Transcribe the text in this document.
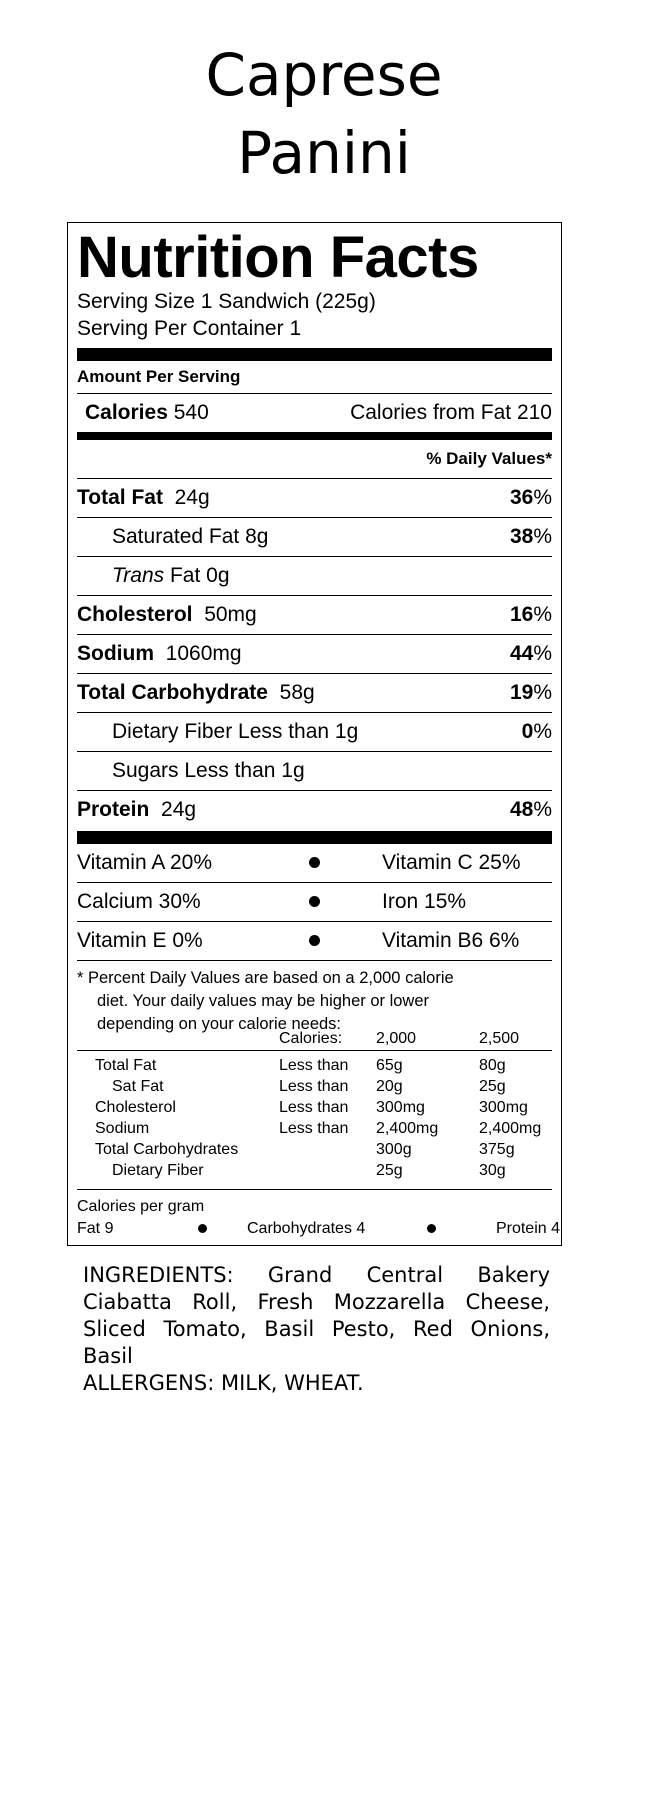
Caprese
Panini
Nutrition Facts
Serving Size 1 Sandwich (225g)
Serving Per Container 1
Amount Per Serving
Calories 540	Calories from Fat 210
% Daily Values*
Total Fat 24g	36%
Saturated Fat 8g	38%
Trans Fat 0g
Cholesterol 50mg	16%
Sodium 1060mg	44%
Total Carbohydrate 58g	19%
Dietary Fiber Less than 1g	0%
Sugars Less than 1g
Protein 24g	48%
Vitamin A 20%	Vitamin C 25%
Calcium 30%	Iron 15%
Vitamin E 0%	Vitamin B6 6%
* Percent Daily Values are based on a 2,000 calorie
diet. Your daily values may be higher or lower
depending on your calorie needs:
Calories: 2,000	2,500
Total Fat	Less than 65g	80g
Sat Fat	Less than 20g	25g
Cholesterol	Less than 300mg	300mg
Sodium	Less than 2,400mg	2,400mg
Total Carbohydrates	300g	375g
Dietary Fiber	25g	30g
Calories per gram
Fat 9	Carbohydrates 4	Protein 4
INGREDIENTS: Grand Central Bakery Ciabatta Roll, Fresh Mozzarella Cheese, Sliced Tomato, Basil Pesto, Red Onions, Basil
ALLERGENS: MILK, WHEAT.
